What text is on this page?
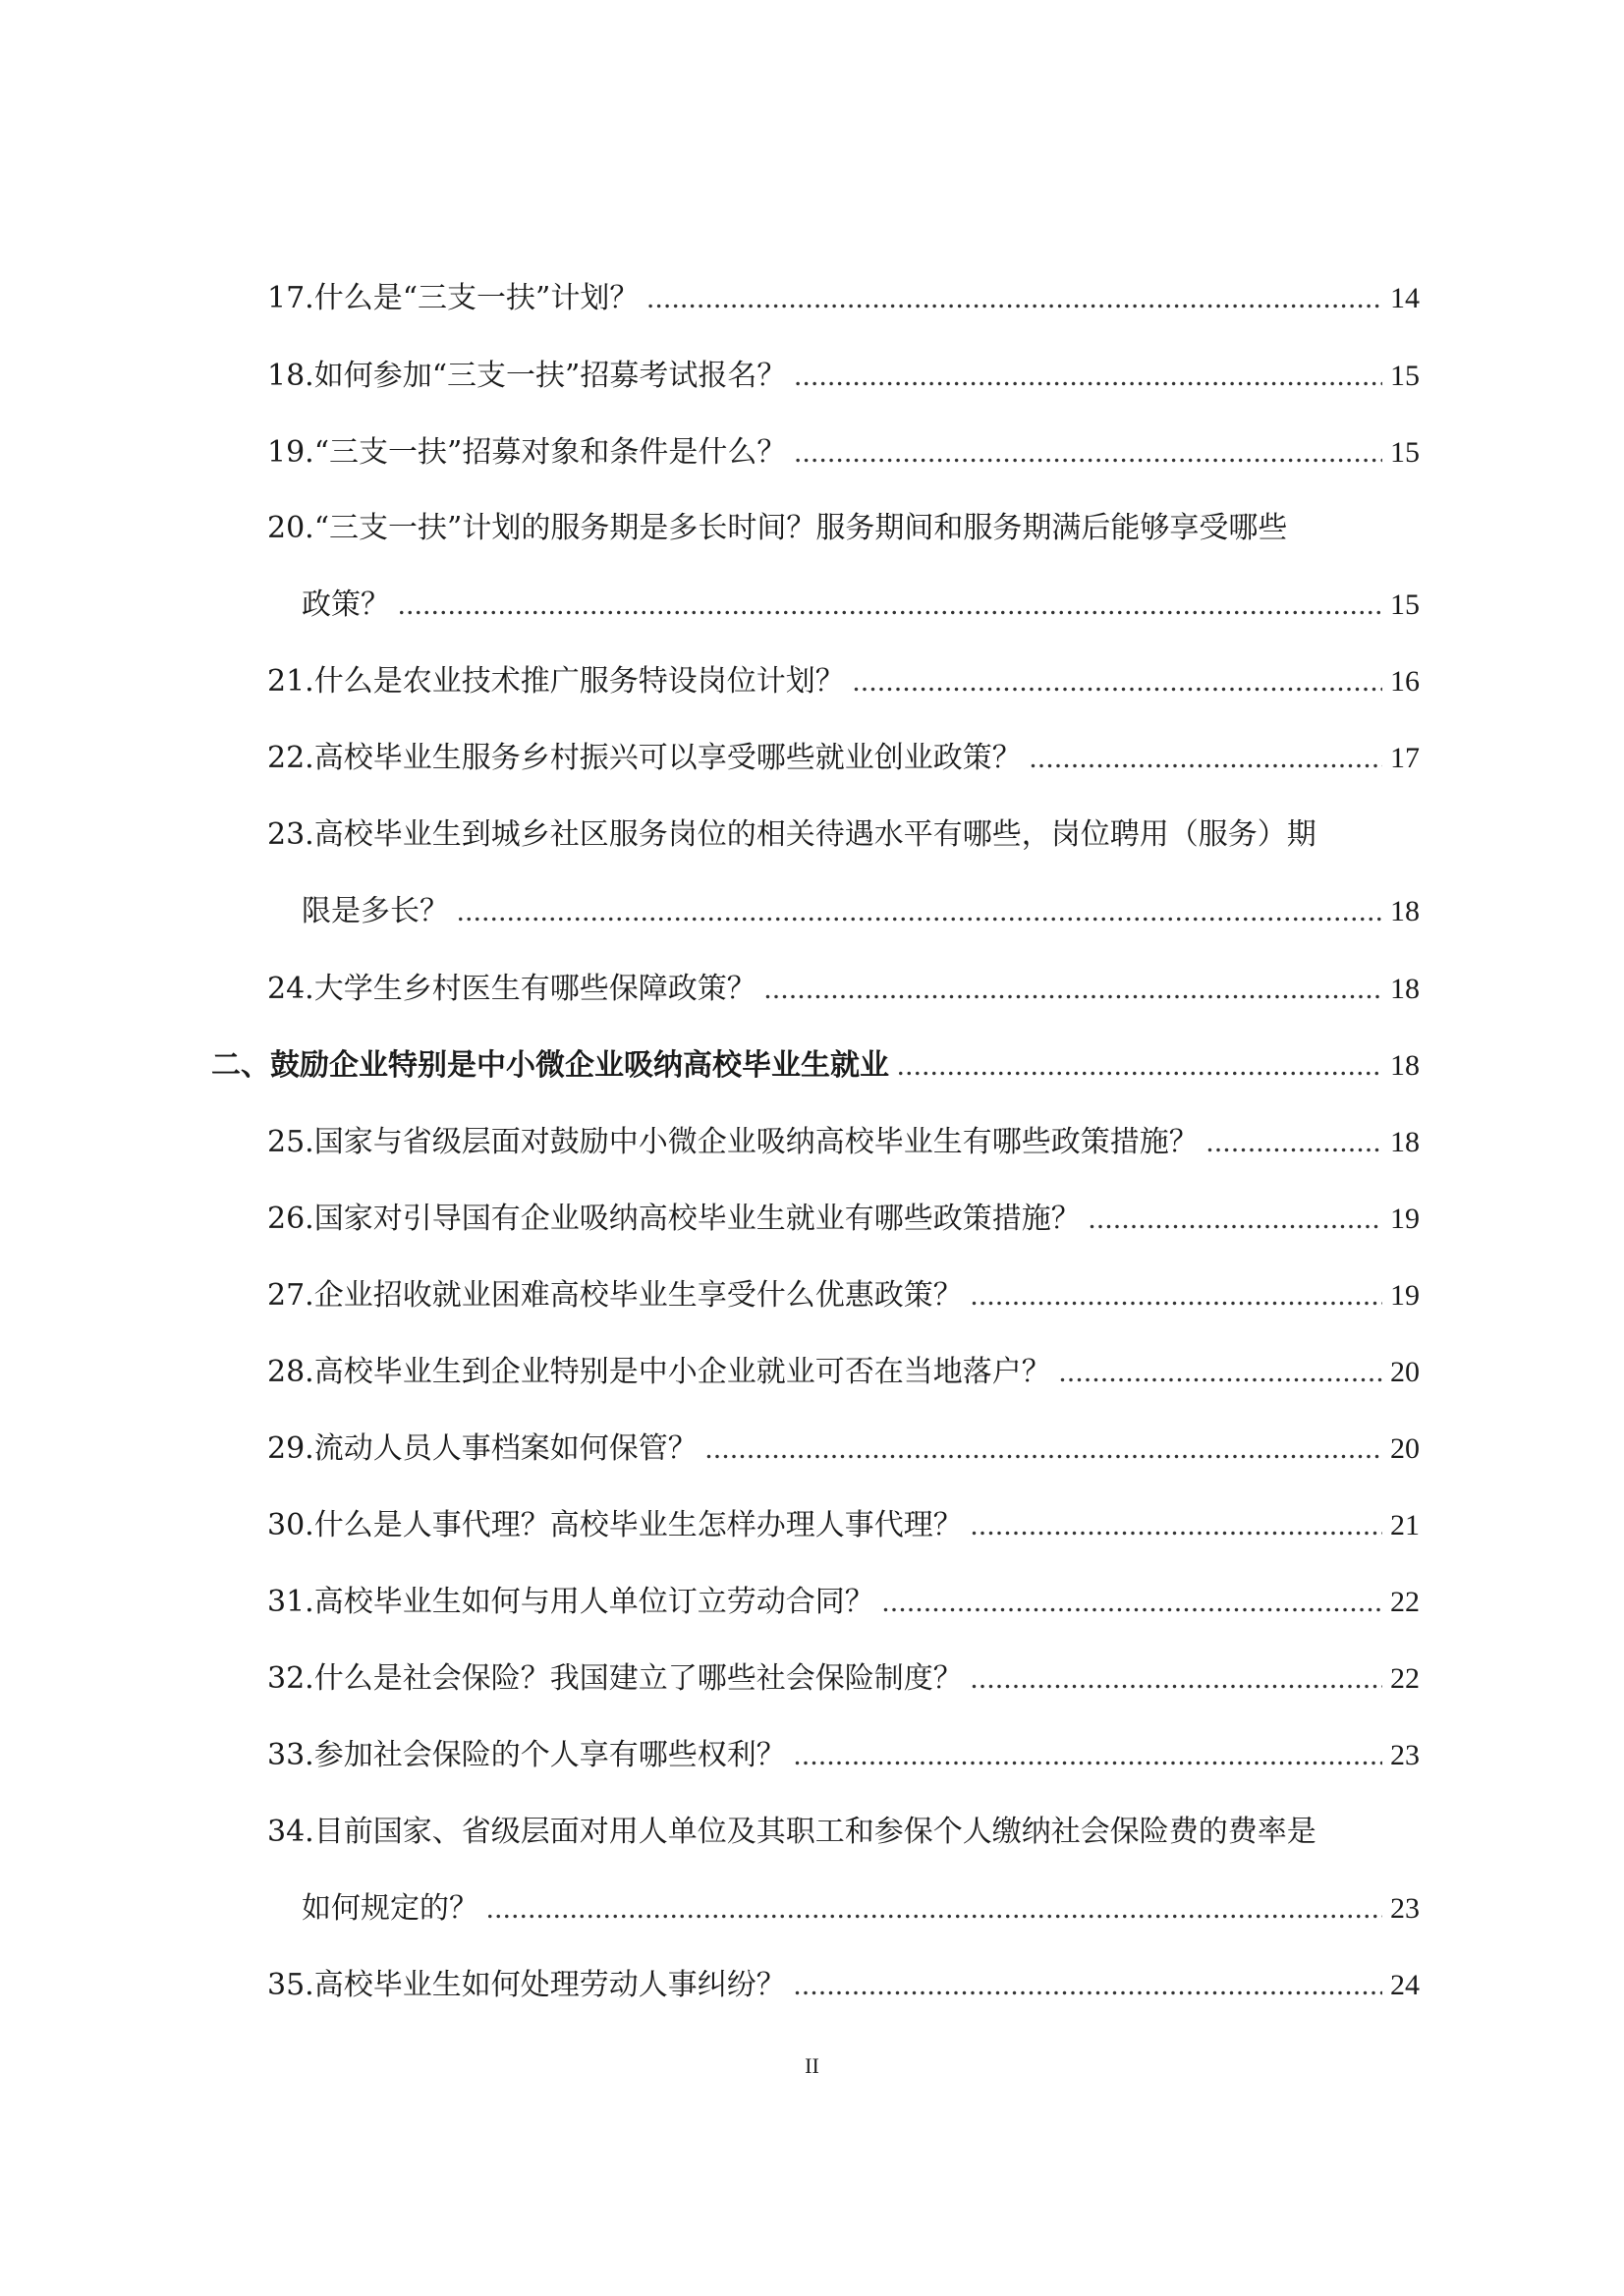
17.什么是“三支一扶”计划？ .....	14
18.如何参加“三支一扶”招募考试报名？ .....	15
19.“三支一扶”招募对象和条件是什么？ .....	15
20.“三支一扶”计划的服务期是多长时间？服务期间和服务期满后能够享受哪些
政策？ .....	15
21.什么是农业技术推广服务特设岗位计划？ .....	16
22.高校毕业生服务乡村振兴可以享受哪些就业创业政策？ .....	17
23.高校毕业生到城乡社区服务岗位的相关待遇水平有哪些，岗位聘用（服务）期
限是多长？ .....	18
24.大学生乡村医生有哪些保障政策？ .....	18
二、鼓励企业特别是中小微企业吸纳高校毕业生就业 .....	18
25.国家与省级层面对鼓励中小微企业吸纳高校毕业生有哪些政策措施？ .....	18
26.国家对引导国有企业吸纳高校毕业生就业有哪些政策措施？ .....	19
27.企业招收就业困难高校毕业生享受什么优惠政策？ .....	19
28.高校毕业生到企业特别是中小企业就业可否在当地落户？ .....	20
29.流动人员人事档案如何保管？ .....	20
30.什么是人事代理？高校毕业生怎样办理人事代理？ .....	21
31.高校毕业生如何与用人单位订立劳动合同？ .....	22
32.什么是社会保险？我国建立了哪些社会保险制度？ .....	22
33.参加社会保险的个人享有哪些权利？ .....	23
34.目前国家、省级层面对用人单位及其职工和参保个人缴纳社会保险费的费率是
如何规定的？ .....	23
35.高校毕业生如何处理劳动人事纠纷？ .....	24
II
